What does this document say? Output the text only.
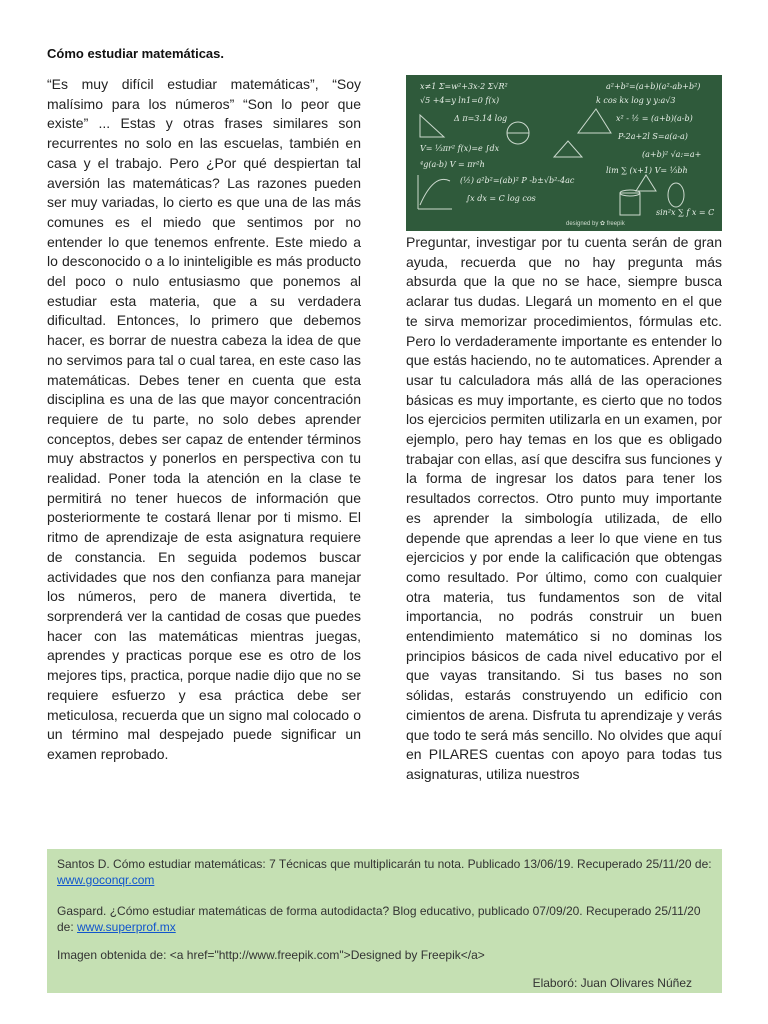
Cómo estudiar matemáticas.

“Es muy difícil estudiar matemáticas”, “Soy malísimo para los números” “Son lo peor que existe” ... Estas y otras frases similares son recurrentes no solo en las escuelas, también en casa y el trabajo. Pero ¿Por qué despiertan tal aversión las matemáticas? Las razones pueden ser muy variadas, lo cierto es que una de las más comunes es el miedo que sentimos por no entender lo que tenemos enfrente. Este miedo a lo desconocido o a lo ininteligible es más producto del poco o nulo entusiasmo que ponemos al estudiar esta materia, que a su verdadera dificultad. Entonces, lo primero que debemos hacer, es borrar de nuestra cabeza la idea de que no servimos para tal o cual tarea, en este caso las matemáticas. Debes tener en cuenta que esta disciplina es una de las que mayor concentración requiere de tu parte, no solo debes aprender conceptos, debes ser capaz de entender términos muy abstractos y ponerlos en perspectiva con tu realidad. Poner toda la atención en la clase te permitirá no tener huecos de información que posteriormente te costará llenar por ti mismo. El ritmo de aprendizaje de esta asignatura requiere de constancia. En seguida podemos buscar actividades que nos den confianza para manejar los números, pero de manera divertida, te sorprenderá ver la cantidad de cosas que puedes hacer con las matemáticas mientras juegas, aprendes y practicas porque ese es otro de los mejores tips, practica, porque nadie dijo que no se requiere esfuerzo y esa práctica debe ser meticulosa, recuerda que un signo mal colocado o un término mal despejado puede significar un examen reprobado.

x≠1 Σ=w²+3x-2 Σ√R²	a²+b²=(a+b)(a²-ab+b²)
√5 +4=y ln1=0 f(x)	k cos kx log y y:a√3
Δ π=3.14 log	x² - ½ = (a+b)(a-b)
V= ⅓πr² f(x)=e ∫dx
P-2a+2l S=a(a-a)
⁴g(a-b) V = πr²h
(a+b)² √a:=a+
(½) a²b²=(ab)² P -b±√b²-4ac
lim ∑ (x+1) V= ⅓bh
∫x dx = C log cos
sin²x ∑ f x = C
designed by ✿ freepik

Preguntar, investigar por tu cuenta serán de gran ayuda, recuerda que no hay pregunta más absurda que la que no se hace, siempre busca aclarar tus dudas. Llegará un momento en el que te sirva memorizar procedimientos, fórmulas etc. Pero lo verdaderamente importante es entender lo que estás haciendo, no te automatices. Aprender a usar tu calculadora más allá de las operaciones básicas es muy importante, es cierto que no todos los ejercicios permiten utilizarla en un examen, por ejemplo, pero hay temas en los que es obligado trabajar con ellas, así que descifra sus funciones y la forma de ingresar los datos para tener los resultados correctos. Otro punto muy importante es aprender la simbología utilizada, de ello depende que aprendas a leer lo que viene en tus ejercicios y por ende la calificación que obtengas como resultado. Por último, como con cualquier otra materia, tus fundamentos son de vital importancia, no podrás construir un buen entendimiento matemático si no dominas los principios básicos de cada nivel educativo por el que vayas transitando. Si tus bases no son sólidas, estarás construyendo un edificio con cimientos de arena. Disfruta tu aprendizaje y verás que todo te será más sencillo. No olvides que aquí en PILARES cuentas con apoyo para todas tus asignaturas, utiliza nuestros

Santos D. Cómo estudiar matemáticas: 7 Técnicas que multiplicarán tu nota. Publicado 13/06/19. Recuperado 25/11/20 de: www.goconqr.com

Gaspard. ¿Cómo estudiar matemáticas de forma autodidacta? Blog educativo, publicado 07/09/20. Recuperado 25/11/20 de: www.superprof.mx

Imagen obtenida de: <a href="http://www.freepik.com">Designed by Freepik</a>

Elaboró: Juan Olivares Núñez
